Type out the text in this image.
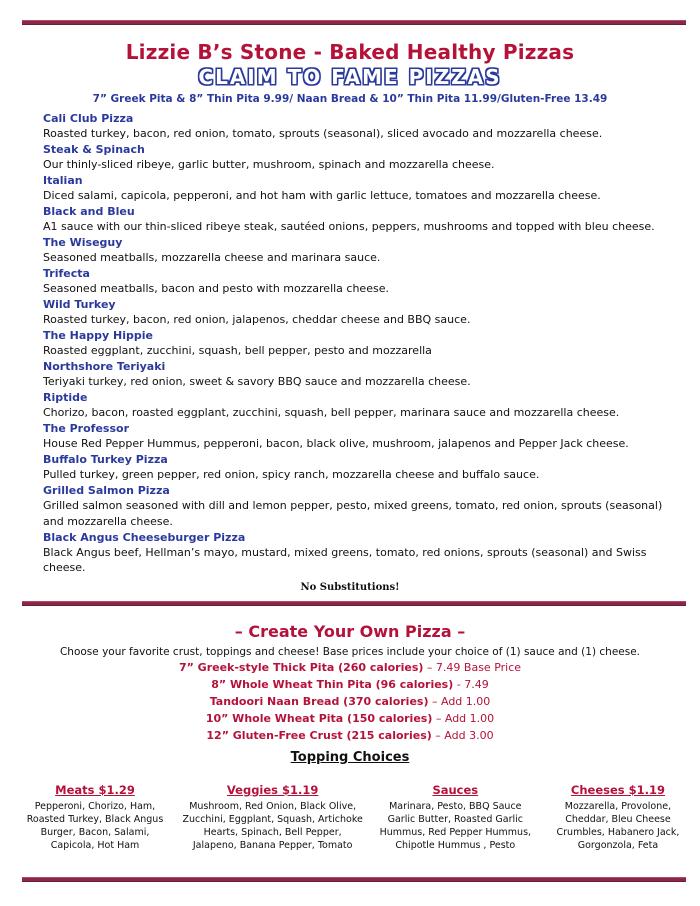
Lizzie B’s Stone - Baked Healthy Pizzas
CLAIM TO FAME PIZZAS
7” Greek Pita & 8” Thin Pita 9.99/ Naan Bread & 10” Thin Pita 11.99/Gluten-Free 13.49
Cali Club Pizza
Roasted turkey, bacon, red onion, tomato, sprouts (seasonal), sliced avocado and mozzarella cheese.
Steak & Spinach
Our thinly-sliced ribeye, garlic butter, mushroom, spinach and mozzarella cheese.
Italian
Diced salami, capicola, pepperoni, and hot ham with garlic lettuce, tomatoes and mozzarella cheese.
Black and Bleu
A1 sauce with our thin-sliced ribeye steak, sautéed onions, peppers, mushrooms and topped with bleu cheese.
The Wiseguy
Seasoned meatballs, mozzarella cheese and marinara sauce.
Trifecta
Seasoned meatballs, bacon and pesto with mozzarella cheese.
Wild Turkey
Roasted turkey, bacon, red onion, jalapenos, cheddar cheese and BBQ sauce.
The Happy Hippie
Roasted eggplant, zucchini, squash, bell pepper, pesto and mozzarella
Northshore Teriyaki
Teriyaki turkey, red onion, sweet & savory BBQ sauce and mozzarella cheese.
Riptide
Chorizo, bacon, roasted eggplant, zucchini, squash, bell pepper, marinara sauce and mozzarella cheese.
The Professor
House Red Pepper Hummus, pepperoni, bacon, black olive, mushroom, jalapenos and Pepper Jack cheese.
Buffalo Turkey Pizza
Pulled turkey, green pepper, red onion, spicy ranch, mozzarella cheese and buffalo sauce.
Grilled Salmon Pizza
Grilled salmon seasoned with dill and lemon pepper, pesto, mixed greens, tomato, red onion, sprouts (seasonal) and mozzarella cheese.
Black Angus Cheeseburger Pizza
Black Angus beef, Hellman’s mayo, mustard, mixed greens, tomato, red onions, sprouts (seasonal) and Swiss cheese.
No Substitutions!
– Create Your Own Pizza –
Choose your favorite crust, toppings and cheese! Base prices include your choice of (1) sauce and (1) cheese.
7” Greek-style Thick Pita (260 calories) – 7.49 Base Price
8” Whole Wheat Thin Pita (96 calories) - 7.49
Tandoori Naan Bread (370 calories) – Add 1.00
10” Whole Wheat Pita (150 calories) – Add 1.00
12” Gluten-Free Crust (215 calories) – Add 3.00
Topping Choices
Meats $1.29
Pepperoni, Chorizo, Ham,
Roasted Turkey, Black Angus
Burger, Bacon, Salami,
Capicola, Hot Ham
Veggies $1.19
Mushroom, Red Onion, Black Olive,
Zucchini, Eggplant, Squash, Artichoke
Hearts, Spinach, Bell Pepper,
Jalapeno, Banana Pepper, Tomato
Sauces
Marinara, Pesto, BBQ Sauce
Garlic Butter, Roasted Garlic
Hummus, Red Pepper Hummus,
Chipotle Hummus , Pesto
Cheeses $1.19
Mozzarella, Provolone,
Cheddar, Bleu Cheese
Crumbles, Habanero Jack,
Gorgonzola, Feta
